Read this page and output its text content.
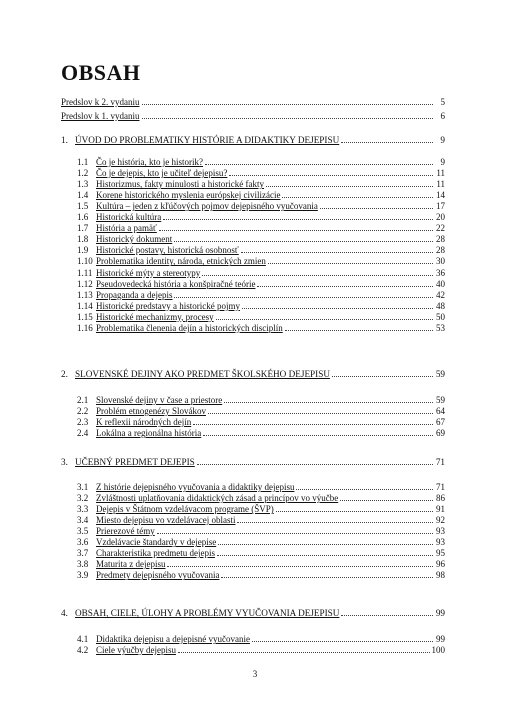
OBSAH
Predslov k 2. vydaniu	5
Predslov k 1. vydaniu	6
1. ÚVOD DO PROBLEMATIKY HISTÓRIE A DIDAKTIKY DEJEPISU	9
1.1 Čo je história, kto je historik?	9
1.2 Čo je dejepis, kto je učiteľ dejepisu?	11
1.3 Historizmus, fakty minulosti a historické fakty	11
1.4 Korene historického myslenia európskej civilizácie	14
1.5 Kultúra – jeden z kľúčových pojmov dejepisného vyučovania	17
1.6 Historická kultúra	20
1.7 História a pamäť	22
1.8 Historický dokument	28
1.9 Historické postavy, historická osobnosť	28
1.10 Problematika identity, národa, etnických zmien	30
1.11 Historické mýty a stereotypy	36
1.12 Pseudovedecká história a konšpiračné teórie	40
1.13 Propaganda a dejepis	42
1.14 Historické predstavy a historické pojmy	48
1.15 Historické mechanizmy, procesy	50
1.16 Problematika členenia dejín a historických disciplín	53
2. SLOVENSKÉ DEJINY AKO PREDMET ŠKOLSKÉHO DEJEPISU	59
2.1 Slovenské dejiny v čase a priestore	59
2.2 Problém etnogenézy Slovákov	64
2.3 K reflexii národných dejín	67
2.4 Lokálna a regionálna história	69
3. UČEBNÝ PREDMET DEJEPIS	71
3.1 Z histórie dejepisného vyučovania a didaktiky dejepisu	71
3.2 Zvláštnosti uplatňovania didaktických zásad a princípov vo výučbe	86
3.3 Dejepis v Štátnom vzdelávacom programe (ŠVP)	91
3.4 Miesto dejepisu vo vzdelávacej oblasti	92
3.5 Prierezové témy	93
3.6 Vzdelávacie štandardy v dejepise	93
3.7 Charakteristika predmetu dejepis	95
3.8 Maturita z dejepisu	96
3.9 Predmety dejepisného vyučovania	98
4. OBSAH, CIELE, ÚLOHY A PROBLÉMY VYUČOVANIA DEJEPISU	99
4.1 Didaktika dejepisu a dejepisné vyučovanie	99
4.2 Ciele výučby dejepisu	100
3
